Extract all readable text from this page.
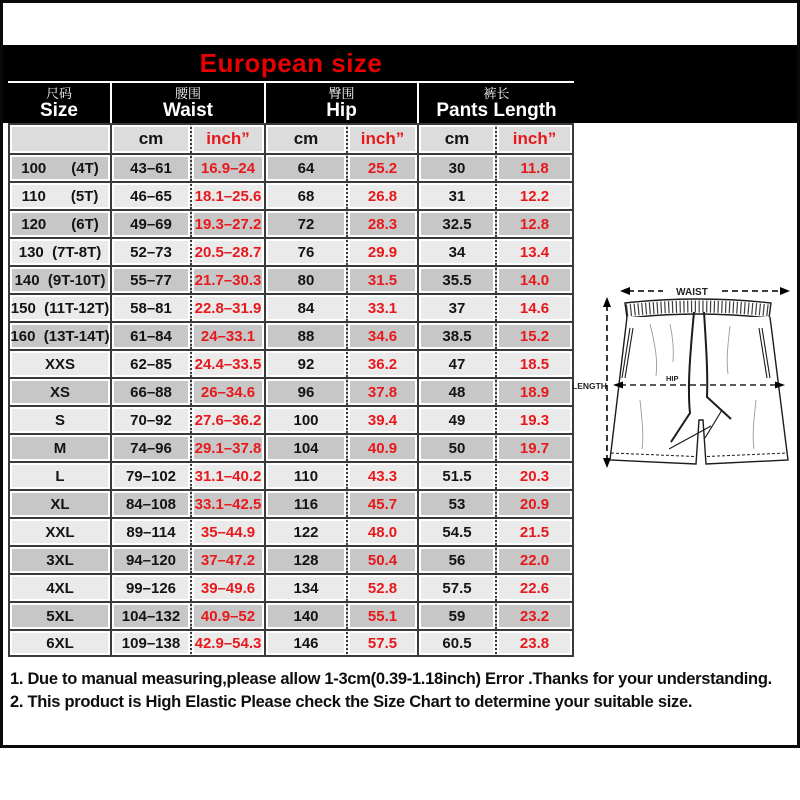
European size						

尺码
Size

腰围
Waist

臀围
Hip

裤长
Pants Length

	cm	inch”	cm	inch”	cm	inch”
100      (4T)	43–61	16.9–24	64	25.2	30	11.8
110      (5T)	46–65	18.1–25.6	68	26.8	31	12.2
120      (6T)	49–69	19.3–27.2	72	28.3	32.5	12.8
130  (7T-8T)	52–73	20.5–28.7	76	29.9	34	13.4
140  (9T-10T)	55–77	21.7–30.3	80	31.5	35.5	14.0
150  (11T-12T)	58–81	22.8–31.9	84	33.1	37	14.6
160  (13T-14T)	61–84	24–33.1	88	34.6	38.5	15.2
XXS	62–85	24.4–33.5	92	36.2	47	18.5
XS	66–88	26–34.6	96	37.8	48	18.9
S	70–92	27.6–36.2	100	39.4	49	19.3
M	74–96	29.1–37.8	104	40.9	50	19.7
L	79–102	31.1–40.2	110	43.3	51.5	20.3
XL	84–108	33.1–42.5	116	45.7	53	20.9
XXL	89–114	35–44.9	122	48.0	54.5	21.5
3XL	94–120	37–47.2	128	50.4	56	22.0
4XL	99–126	39–49.6	134	52.8	57.5	22.6
5XL	104–132	40.9–52	140	55.1	59	23.2
6XL	109–138	42.9–54.3	146	57.5	60.5	23.8
WAIST
LENGTH
HIP
1. Due to manual measuring,please allow 1-3cm(0.39-1.18inch) Error .Thanks for your understanding.
2. This product is High Elastic Please check the Size Chart to determine your suitable size.
